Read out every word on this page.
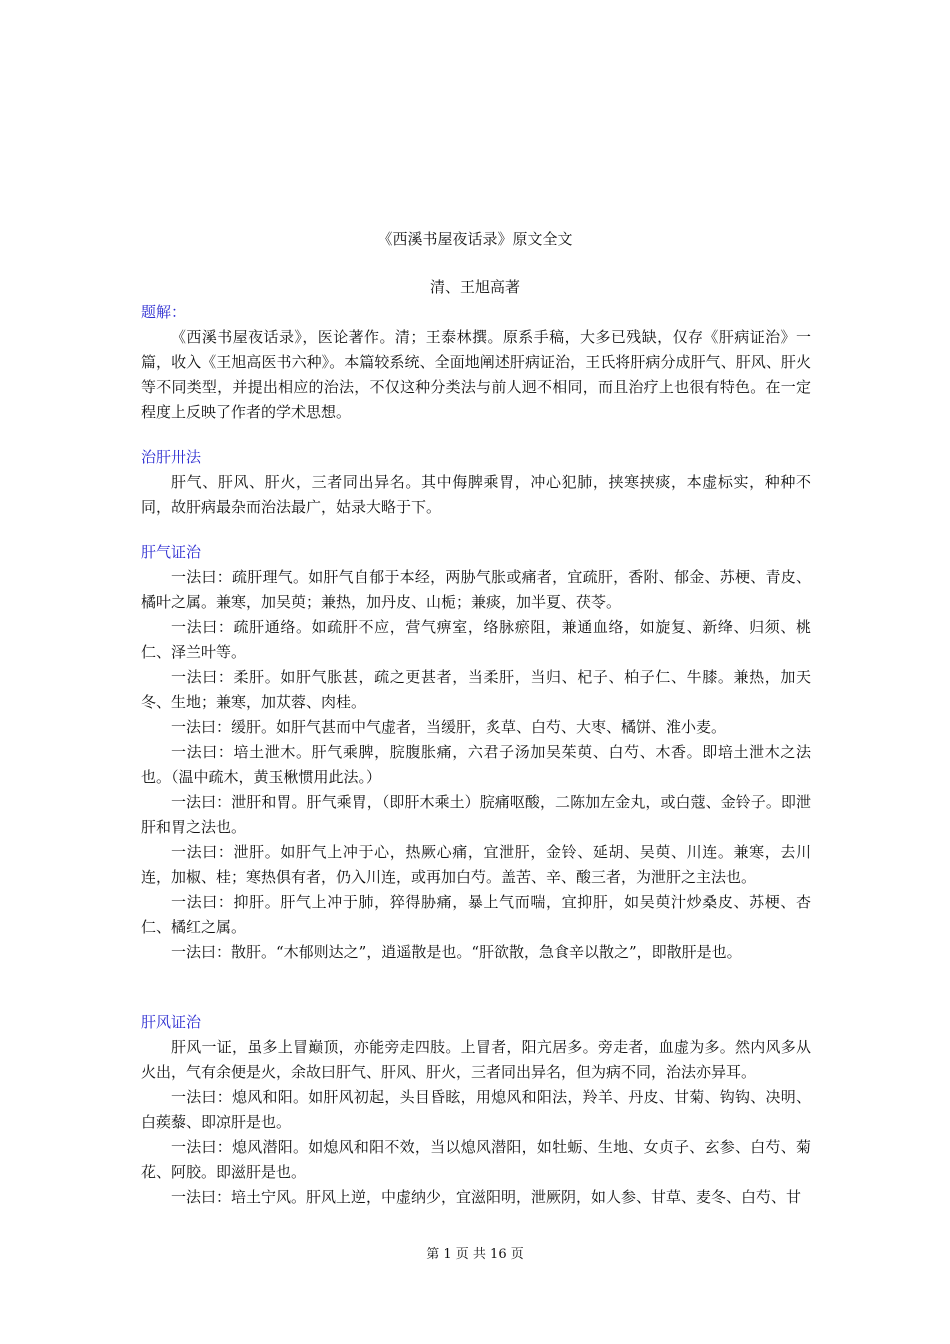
《西溪书屋夜话录》原文全文
清、王旭高著
题解：

《西溪书屋夜话录》，医论著作。清；王泰林撰。原系手稿，大多已残缺，仅存《肝病证治》一篇，收入《王旭高医书六种》。本篇较系统、全面地阐述肝病证治，王氏将肝病分成肝气、肝风、肝火等不同类型，并提出相应的治法，不仅这种分类法与前人迥不相同，而且治疗上也很有特色。在一定程度上反映了作者的学术思想。

治肝卅法

肝气、肝风、肝火，三者同出异名。其中侮脾乘胃，冲心犯肺，挟寒挟痰，本虚标实，种种不同，故肝病最杂而治法最广，姑录大略于下。

肝气证治

一法曰：疏肝理气。如肝气自郁于本经，两胁气胀或痛者，宜疏肝，香附、郁金、苏梗、青皮、橘叶之属。兼寒，加吴萸；兼热，加丹皮、山栀；兼痰，加半夏、茯苓。

一法曰：疏肝通络。如疏肝不应，营气痹室，络脉瘀阻，兼通血络，如旋复、新绛、归须、桃仁、泽兰叶等。

一法曰：柔肝。如肝气胀甚，疏之更甚者，当柔肝，当归、杞子、柏子仁、牛膝。兼热，加天冬、生地；兼寒，加苁蓉、肉桂。

一法曰：缓肝。如肝气甚而中气虚者，当缓肝，炙草、白芍、大枣、橘饼、淮小麦。

一法曰：培土泄木。肝气乘脾，脘腹胀痛，六君子汤加吴茱萸、白芍、木香。即培土泄木之法也。（温中疏木，黄玉楸惯用此法。）

一法曰：泄肝和胃。肝气乘胃，（即肝木乘土）脘痛呕酸，二陈加左金丸，或白蔻、金铃子。即泄肝和胃之法也。

一法曰：泄肝。如肝气上冲于心，热厥心痛，宜泄肝，金铃、延胡、吴萸、川连。兼寒，去川连，加椒、桂；寒热俱有者，仍入川连，或再加白芍。盖苦、辛、酸三者，为泄肝之主法也。

一法曰：抑肝。肝气上冲于肺，猝得胁痛，暴上气而喘，宜抑肝，如吴萸汁炒桑皮、苏梗、杏仁、橘红之属。

一法曰：散肝。“木郁则达之”，逍遥散是也。“肝欲散，急食辛以散之”，即散肝是也。

肝风证治

肝风一证，虽多上冒巅顶，亦能旁走四肢。上冒者，阳亢居多。旁走者，血虚为多。然内风多从火出，气有余便是火，余故曰肝气、肝风、肝火，三者同出异名，但为病不同，治法亦异耳。

一法曰：熄风和阳。如肝风初起，头目昏眩，用熄风和阳法，羚羊、丹皮、甘菊、钩钩、决明、白蒺藜、即凉肝是也。

一法曰：熄风潜阳。如熄风和阳不效，当以熄风潜阳，如牡蛎、生地、女贞子、玄参、白芍、菊花、阿胶。即滋肝是也。

一法曰：培土宁风。肝风上逆，中虚纳少，宜滋阳明，泄厥阴，如人参、甘草、麦冬、白芍、甘

第 1 页 共 16 页
